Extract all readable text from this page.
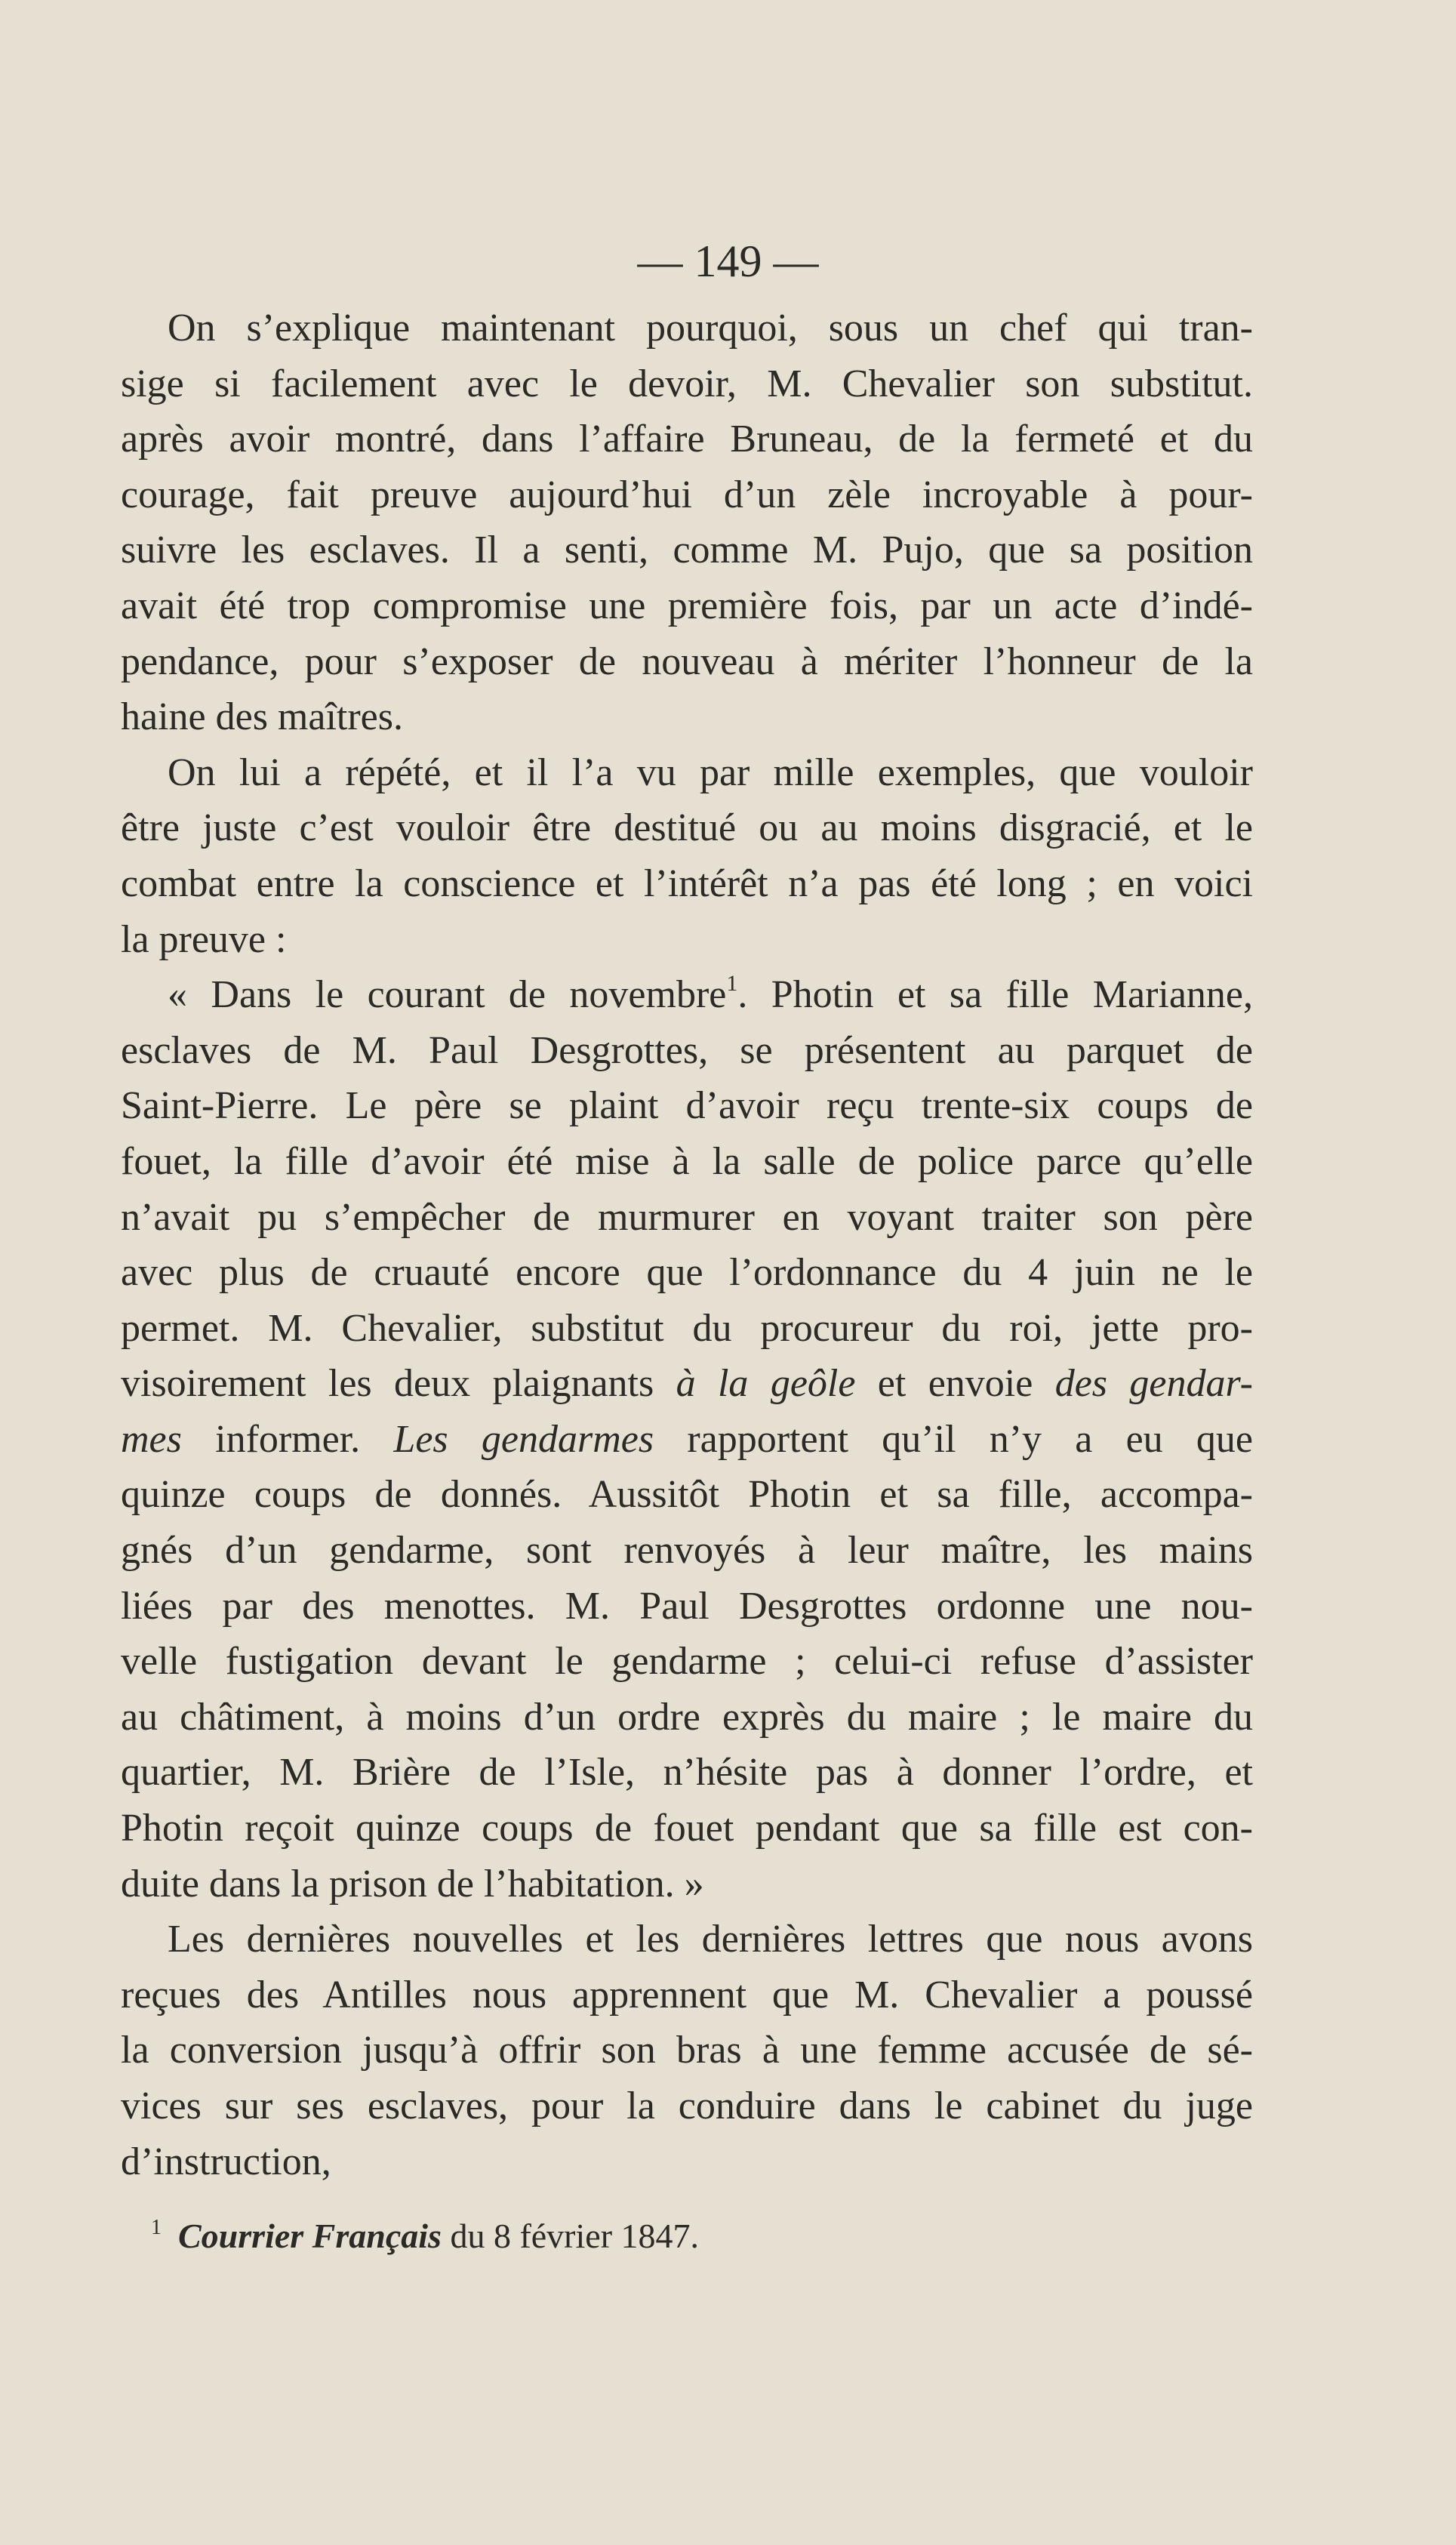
— 149 —
On s’explique maintenant pourquoi, sous un chef qui tran-
sige si facilement avec le devoir, M. Chevalier son substitut.
après avoir montré, dans l’affaire Bruneau, de la fermeté et du
courage, fait preuve aujourd’hui d’un zèle incroyable à pour-
suivre les esclaves. Il a senti, comme M. Pujo, que sa position
avait été trop compromise une première fois, par un acte d’indé-
pendance, pour s’exposer de nouveau à mériter l’honneur de la
haine des maîtres.
On lui a répété, et il l’a vu par mille exemples, que vouloir
être juste c’est vouloir être destitué ou au moins disgracié, et le
combat entre la conscience et l’intérêt n’a pas été long ; en voici
la preuve :
« Dans le courant de novembre$^1$. Photin et sa fille Marianne,
esclaves de M. Paul Desgrottes, se présentent au parquet de
Saint-Pierre. Le père se plaint d’avoir reçu trente-six coups de
fouet, la fille d’avoir été mise à la salle de police parce qu’elle
n’avait pu s’empêcher de murmurer en voyant traiter son père
avec plus de cruauté encore que l’ordonnance du 4 juin ne le
permet. M. Chevalier, substitut du procureur du roi, jette pro-
visoirement les deux plaignants à la geôle et envoie des gendar-
mes informer. Les gendarmes rapportent qu’il n’y a eu que
quinze coups de donnés. Aussitôt Photin et sa fille, accompa-
gnés d’un gendarme, sont renvoyés à leur maître, les mains
liées par des menottes. M. Paul Desgrottes ordonne une nou-
velle fustigation devant le gendarme ; celui-ci refuse d’assister
au châtiment, à moins d’un ordre exprès du maire ; le maire du
quartier, M. Brière de l’Isle, n’hésite pas à donner l’ordre, et
Photin reçoit quinze coups de fouet pendant que sa fille est con-
duite dans la prison de l’habitation. »
Les dernières nouvelles et les dernières lettres que nous avons
reçues des Antilles nous apprennent que M. Chevalier a poussé
la conversion jusqu’à offrir son bras à une femme accusée de sé-
vices sur ses esclaves, pour la conduire dans le cabinet du juge
d’instruction,
$^1$ Courrier Français du 8 février 1847.
